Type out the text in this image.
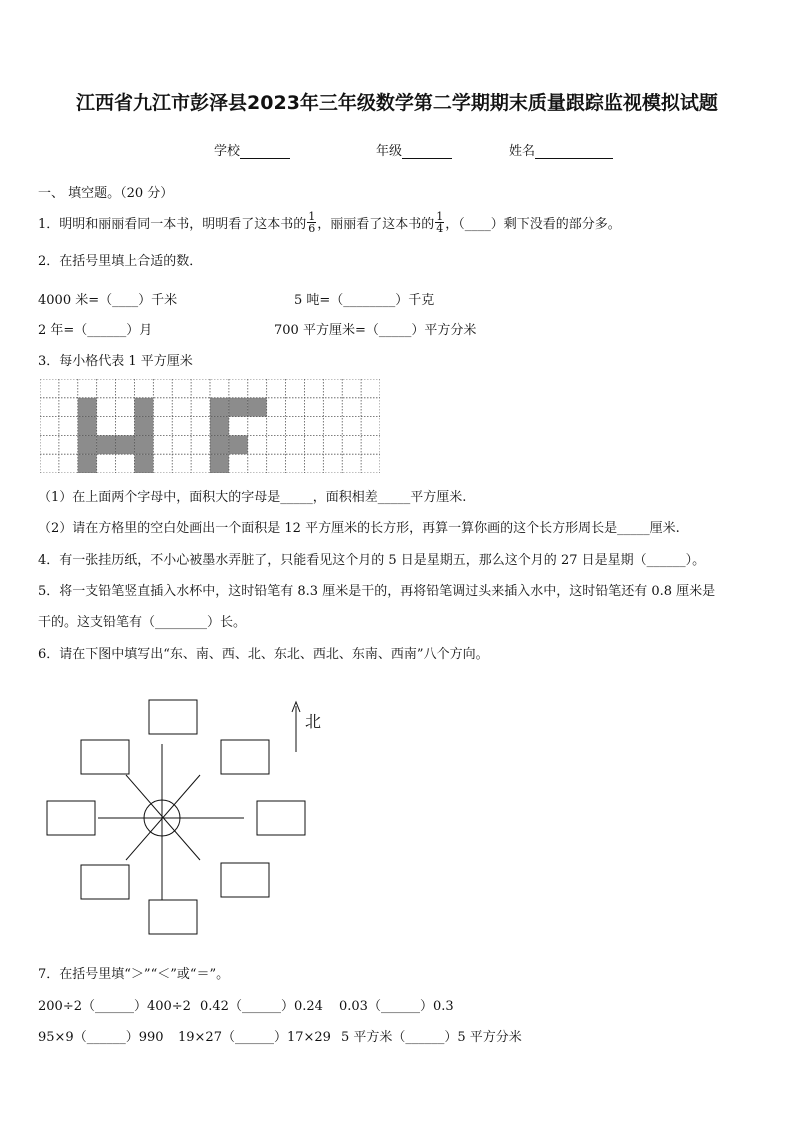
江西省九江市彭泽县2023年三年级数学第二学期期末质量跟踪监视模拟试题
学校	年级	姓名
一、 填空题。（20 分）
1．明明和丽丽看同一本书，明明看了这本书的 $\frac{1}{6}$ ，丽丽看了这本书的 $\frac{1}{4}$ ，（____）剩下没看的部分多。
2．在括号里填上合适的数．
4000 米=（____）千米	5 吨=（________）千克
2 年=（______）月	700 平方厘米=（_____）平方分米
3．每小格代表 1 平方厘米
（1）在上面两个字母中，面积大的字母是_____，面积相差_____平方厘米.
（2）请在方格里的空白处画出一个面积是 12 平方厘米的长方形，再算一算你画的这个长方形周长是_____厘米.
4．有一张挂历纸，不小心被墨水弄脏了，只能看见这个月的 5 日是星期五，那么这个月的 27 日是星期（______）。
5．将一支铅笔竖直插入水杯中，这时铅笔有 8.3 厘米是干的，再将铅笔调过头来插入水中，这时铅笔还有 0.8 厘米是
干的。这支铅笔有（________）长。
6．请在下图中填写出“东、南、西、北、东北、西北、东南、西南”八个方向。
北
7．在括号里填“＞”“＜”或“＝”。
200÷2（______）400÷2 0.42（______）0.24 0.03（______）0.3
95×9（______）990 19×27（______）17×29 5 平方米（______）5 平方分米
